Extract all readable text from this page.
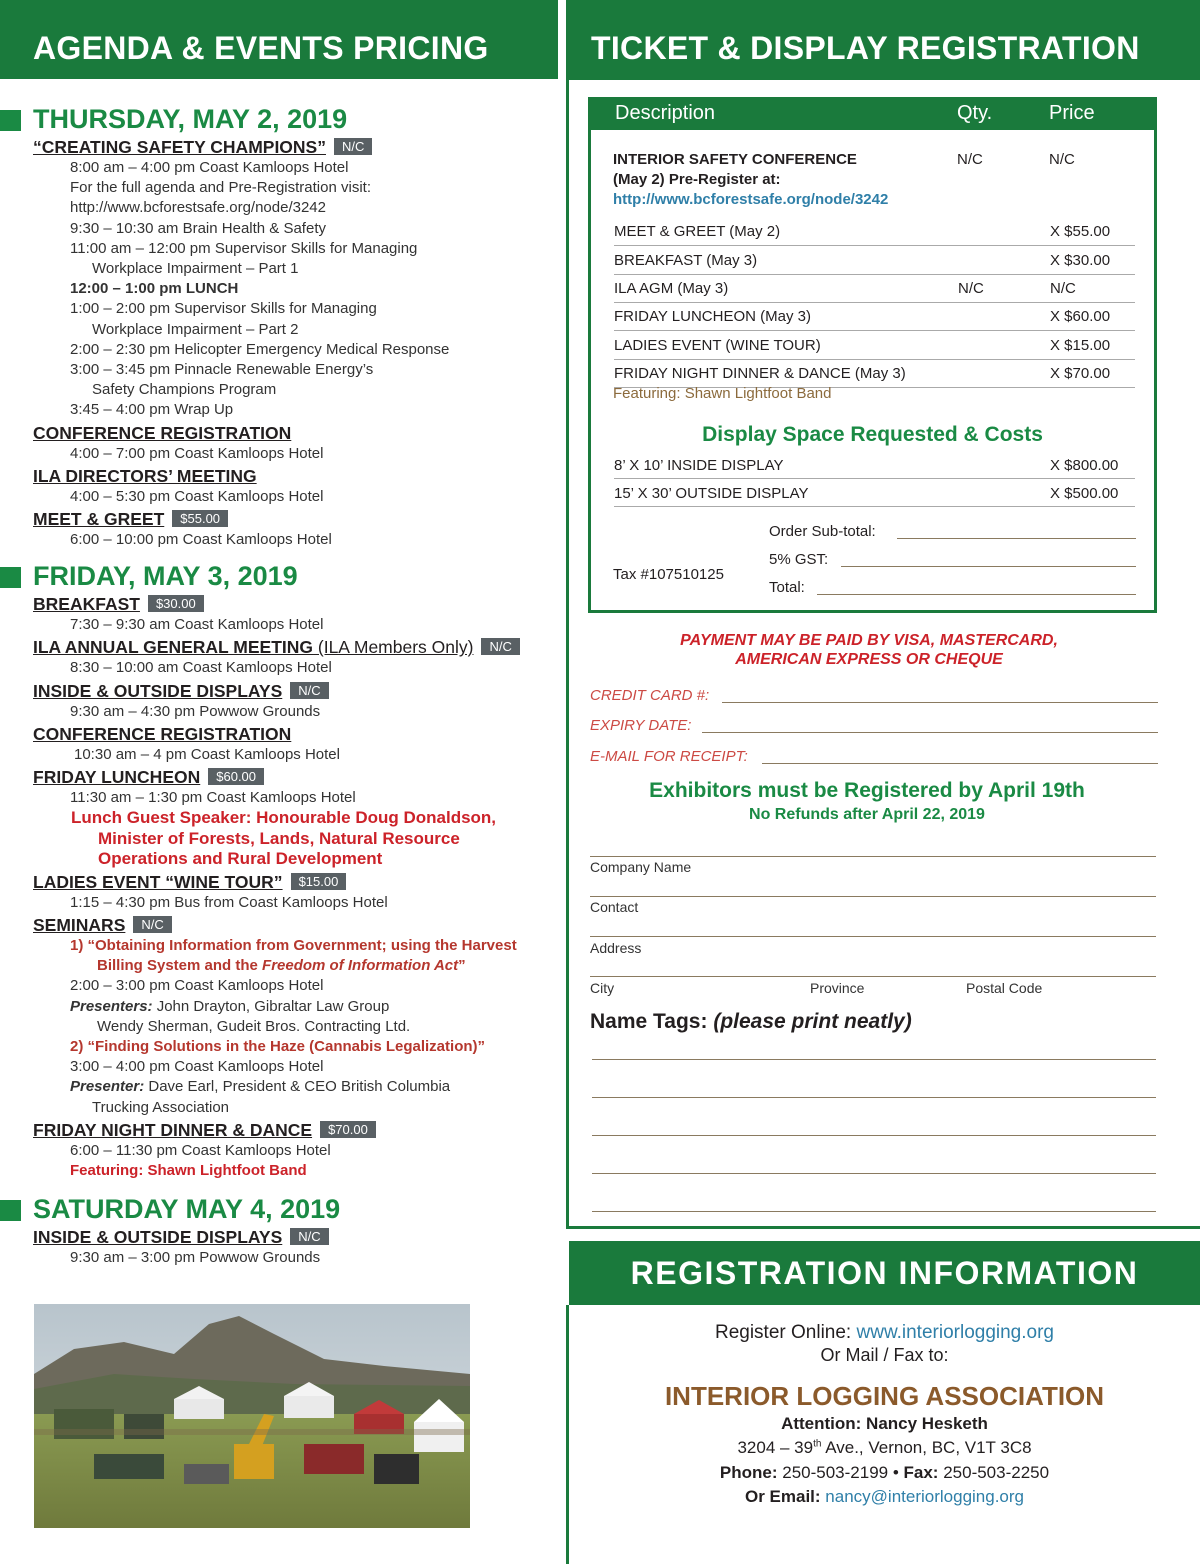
AGENDA & EVENTS PRICING
THURSDAY, MAY 2, 2019
“CREATING SAFETY CHAMPIONS” N/C
8:00 am – 4:00 pm Coast Kamloops Hotel
For the full agenda and Pre-Registration visit:
http://www.bcforestsafe.org/node/3242
9:30 – 10:30 am Brain Health & Safety
11:00 am – 12:00 pm Supervisor Skills for Managing
Workplace Impairment – Part 1
12:00 – 1:00 pm LUNCH
1:00 – 2:00 pm Supervisor Skills for Managing
Workplace Impairment – Part 2
2:00 – 2:30 pm Helicopter Emergency Medical Response
3:00 – 3:45 pm Pinnacle Renewable Energy’s
Safety Champions Program
3:45 – 4:00 pm Wrap Up
CONFERENCE REGISTRATION
4:00 – 7:00 pm Coast Kamloops Hotel
ILA DIRECTORS’ MEETING
4:00 – 5:30 pm Coast Kamloops Hotel
MEET & GREET $55.00
6:00 – 10:00 pm Coast Kamloops Hotel
FRIDAY, MAY 3, 2019
BREAKFAST $30.00
7:30 – 9:30 am Coast Kamloops Hotel
ILA ANNUAL GENERAL MEETING (ILA Members Only) N/C
8:30 – 10:00 am Coast Kamloops Hotel
INSIDE & OUTSIDE DISPLAYS N/C
9:30 am – 4:30 pm Powwow Grounds
CONFERENCE REGISTRATION
10:30 am – 4 pm Coast Kamloops Hotel
FRIDAY LUNCHEON $60.00
11:30 am – 1:30 pm Coast Kamloops Hotel
Lunch Guest Speaker: Honourable Doug Donaldson,
Minister of Forests, Lands, Natural Resource
Operations and Rural Development
LADIES EVENT “WINE TOUR” $15.00
1:15 – 4:30 pm Bus from Coast Kamloops Hotel
SEMINARS N/C
1) “Obtaining Information from Government; using the Harvest
Billing System and the Freedom of Information Act”
2:00 – 3:00 pm Coast Kamloops Hotel
Presenters: John Drayton, Gibraltar Law Group
Wendy Sherman, Gudeit Bros. Contracting Ltd.
2) “Finding Solutions in the Haze (Cannabis Legalization)”
3:00 – 4:00 pm Coast Kamloops Hotel
Presenter: Dave Earl, President & CEO British Columbia
Trucking Association
FRIDAY NIGHT DINNER & DANCE $70.00
6:00 – 11:30 pm Coast Kamloops Hotel
Featuring: Shawn Lightfoot Band
SATURDAY MAY 4, 2019
INSIDE & OUTSIDE DISPLAYS N/C
9:30 am – 3:00 pm Powwow Grounds
TICKET & DISPLAY REGISTRATION
Description	Qty.	Price
INTERIOR SAFETY CONFERENCE
(May 2) Pre-Register at:
http://www.bcforestsafe.org/node/3242
N/C	N/C
MEET & GREET (May 2)	X $55.00
BREAKFAST (May 3)	X $30.00
ILA AGM (May 3)	N/C	N/C
FRIDAY LUNCHEON (May 3)	X $60.00
LADIES EVENT (WINE TOUR)	X $15.00
FRIDAY NIGHT DINNER & DANCE (May 3)	X $70.00
Featuring: Shawn Lightfoot Band
Display Space Requested & Costs
8’ X 10’ INSIDE DISPLAY	X $800.00
15’ X 30’ OUTSIDE DISPLAY	X $500.00
Tax #107510125
Order Sub-total:
5% GST:
Total:
PAYMENT MAY BE PAID BY VISA, MASTERCARD,
AMERICAN EXPRESS OR CHEQUE
CREDIT CARD #:
EXPIRY DATE:
E-MAIL FOR RECEIPT:
Exhibitors must be Registered by April 19th
No Refunds after April 22, 2019
Company Name
Contact
Address
City	Province	Postal Code
Name Tags: (please print neatly)
REGISTRATION INFORMATION
Register Online: www.interiorlogging.org
Or Mail / Fax to:
INTERIOR LOGGING ASSOCIATION
Attention: Nancy Hesketh
3204 – 39th Ave., Vernon, BC, V1T 3C8
Phone: 250-503-2199 • Fax: 250-503-2250
Or Email: nancy@interiorlogging.org
